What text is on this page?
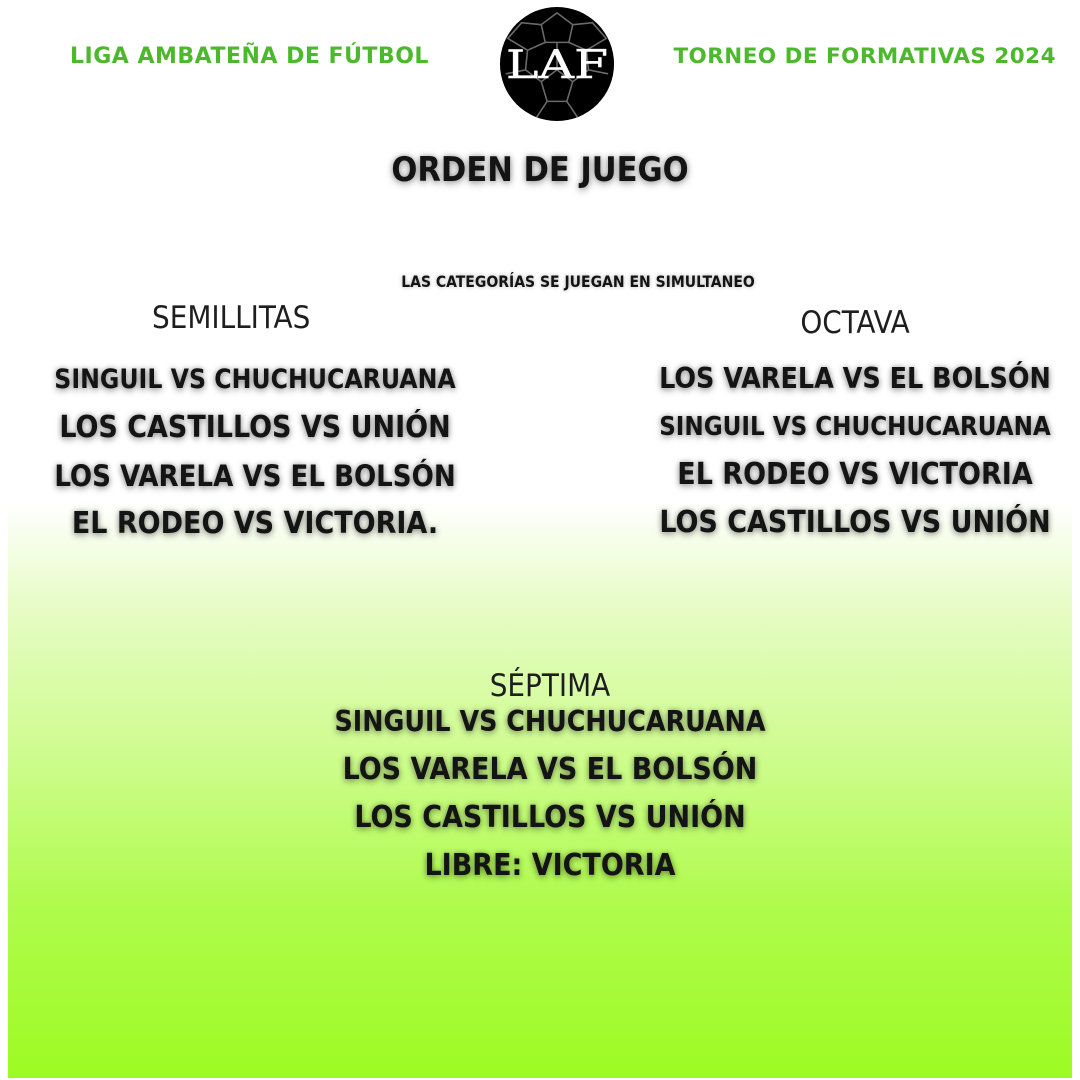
LIGA AMBATEÑA DE FÚTBOL LAF	TORNEO DE FORMATIVAS 2024

ORDEN DE JUEGO

LAS CATEGORÍAS SE JUEGAN EN SIMULTANEO

SEMILLITAS
SINGUIL VS CHUCHUCARUANA
LOS CASTILLOS VS UNIÓN
LOS VARELA VS EL BOLSÓN
EL RODEO VS VICTORIA.
OCTAVA
LOS VARELA VS EL BOLSÓN
SINGUIL VS CHUCHUCARUANA
EL RODEO VS VICTORIA
LOS CASTILLOS VS UNIÓN
SÉPTIMA
SINGUIL VS CHUCHUCARUANA
LOS VARELA VS EL BOLSÓN
LOS CASTILLOS VS UNIÓN
LIBRE: VICTORIA
